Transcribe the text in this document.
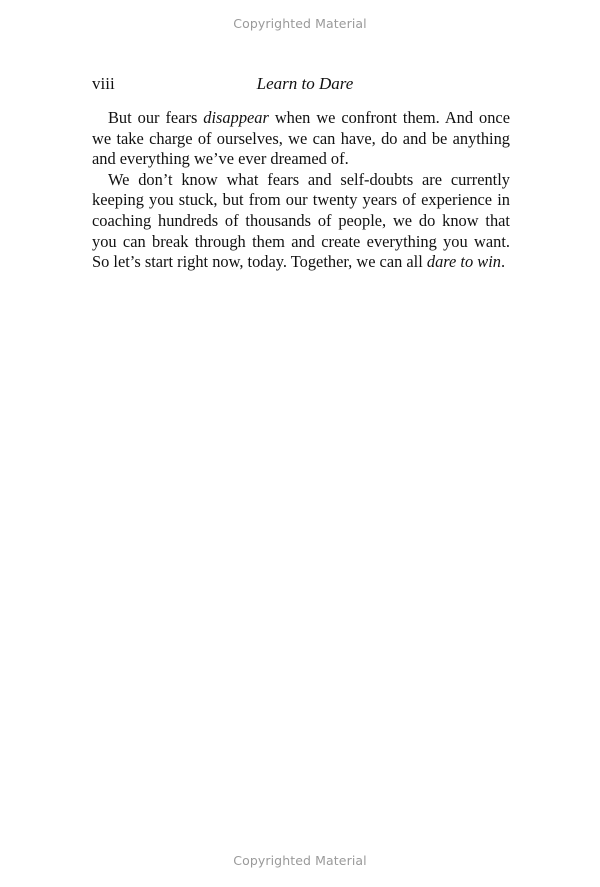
Copyrighted Material
viii	Learn to Dare

But our fears disappear when we confront them. And once we take charge of ourselves, we can have, do and be anything and everything we’ve ever dreamed of.

We don’t know what fears and self-doubts are currently keeping you stuck, but from our twenty years of experience in coaching hundreds of thousands of people, we do know that you can break through them and create everything you want. So let’s start right now, today. Together, we can all dare to win.

Copyrighted Material
